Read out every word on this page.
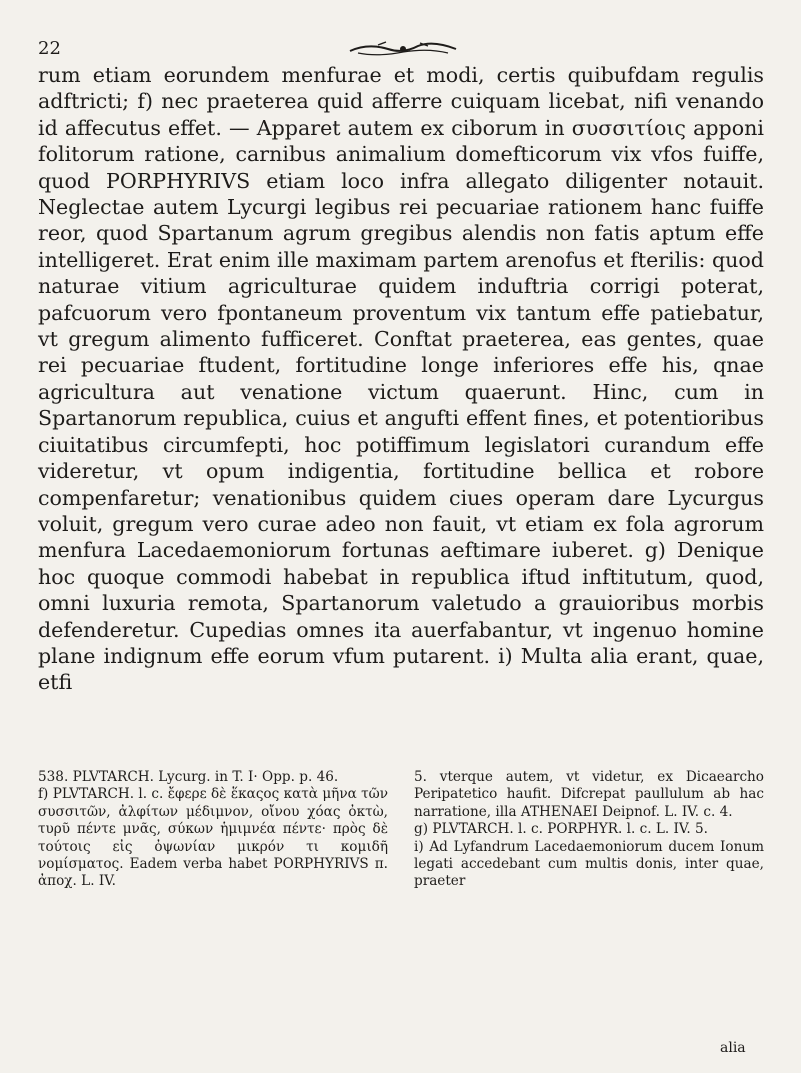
22

rum etiam eorundem menfurae et modi, certis quibufdam regulis adftricti; f) nec praeterea quid afferre cuiquam licebat, nifi venando id affecutus effet. — Apparet autem ex ciborum in συσσιτίοις apponi folitorum ratione, carnibus animalium domefticorum vix vfos fuiffe, quod PORPHYRIVS etiam loco infra allegato diligenter notauit. Neglectae autem Lycurgi legibus rei pecuariae rationem hanc fuiffe reor, quod Spartanum agrum gregibus alendis non fatis aptum effe intelligeret. Erat enim ille maximam partem arenofus et fterilis: quod naturae vitium agriculturae quidem induftria corrigi poterat, pafcuorum vero fpontaneum proventum vix tantum effe patiebatur, vt gregum alimento fufficeret. Conftat praeterea, eas gentes, quae rei pecuariae ftudent, fortitudine longe inferiores effe his, qnae agricultura aut venatione victum quaerunt. Hinc, cum in Spartanorum republica, cuius et angufti effent fines, et potentioribus ciuitatibus circumfepti, hoc potiffimum legislatori curandum effe videretur, vt opum indigentia, fortitudine bellica et robore compenfaretur; venationibus quidem ciues operam dare Lycurgus voluit, gregum vero curae adeo non fauit, vt etiam ex fola agrorum menfura Lacedaemoniorum fortunas aeftimare iuberet. g) Denique hoc quoque commodi habebat in republica iftud inftitutum, quod, omni luxuria remota, Spartanorum valetudo a grauioribus morbis defenderetur. Cupedias omnes ita auerfabantur, vt ingenuo homine plane indignum effe eorum vfum putarent. i) Multa alia erant, quae, etfi

538. PLVTARCH. Lycurg. in T. I· Opp. p. 46.

f) PLVTARCH. l. c. ἔφερε δὲ ἕκαςος κατὰ μῆνα τῶν συσσιτῶν, ἀλφίτων μέδιμνον, οἴνου χόας ὀκτὼ, τυρῦ πέντε μνᾶς, σύκων ἡμιμνέα πέντε· πρὸς δὲ τούτοις εἰς ὀψωνίαν μικρόν τι κομιδῆ νομίσματος. Eadem verba habet PORPHYRIVS π. ἀποχ. L. IV.

5. vterque autem, vt videtur, ex Dicaearcho Peripatetico haufit. Difcrepat paullulum ab hac narratione, illa ATHENAEI Deipnof. L. IV. c. 4.

g) PLVTARCH. l. c. PORPHYR. l. c. L. IV. 5.

i) Ad Lyfandrum Lacedaemoniorum ducem Ionum legati accedebant cum multis donis, inter quae, praeter

alia
